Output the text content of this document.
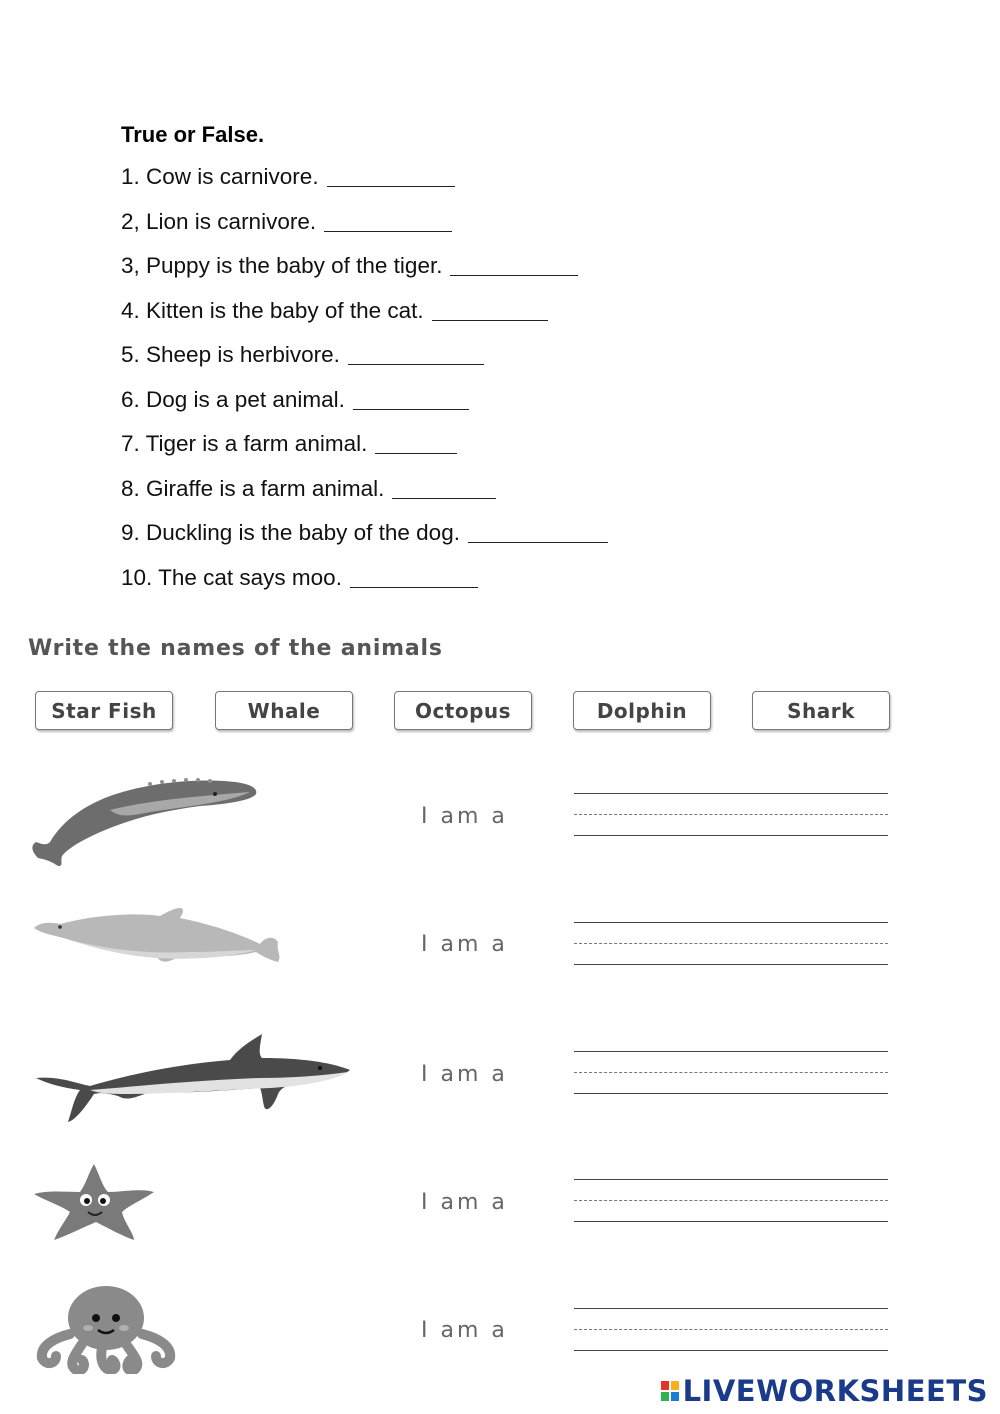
True or False.
1. Cow is carnivore.
2, Lion is carnivore.
3, Puppy is the baby of the tiger.
4. Kitten is the baby of the cat.
5. Sheep is herbivore.
6. Dog is a pet animal.
7. Tiger is a farm animal.
8. Giraffe is a farm animal.
9. Duckling is the baby of the dog.
10. The cat says moo.
Write the names of the animals
Star Fish	Whale	Octopus	Dolphin	Shark
I am a
I am a
I am a
I am a
I am a
LIVEWORKSHEETS
